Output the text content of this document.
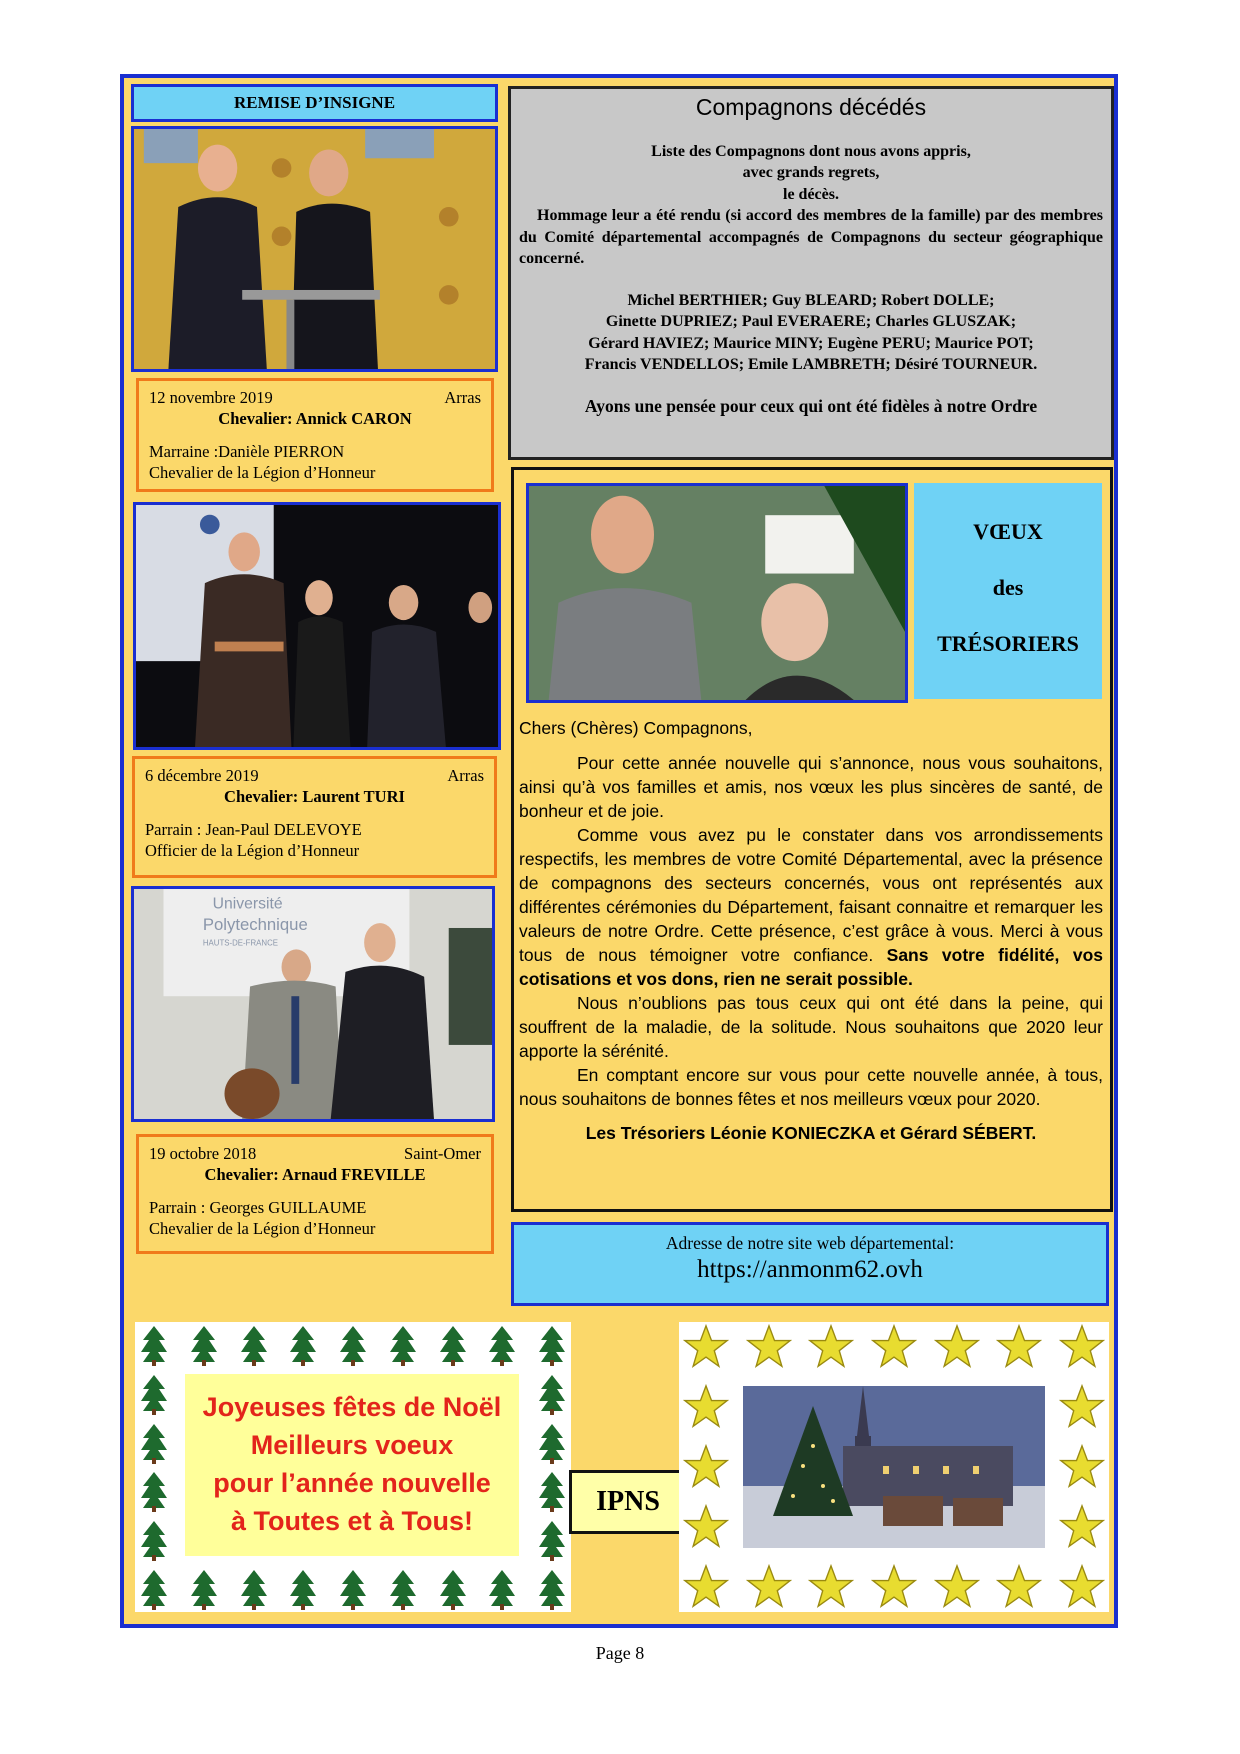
REMISE D’INSIGNE
12 novembre 2019	Arras
Chevalier: Annick CARON
Marraine :Danièle PIERRON
Chevalier de la Légion d’Honneur
6 décembre 2019	Arras
Chevalier: Laurent TURI
Parrain : Jean-Paul DELEVOYE
Officier de la Légion d’Honneur
Université
Polytechnique
HAUTS-DE-FRANCE
19 octobre 2018	Saint-Omer
Chevalier: Arnaud FREVILLE
Parrain : Georges GUILLAUME
Chevalier de la Légion d’Honneur
Compagnons décédés
Liste des Compagnons dont nous avons appris,
avec grands regrets,
le décès.
Hommage leur a été rendu (si accord des membres de la famille) par des membres du Comité départemental accompagnés de Compagnons du secteur géographique concerné.
Michel BERTHIER; Guy BLEARD; Robert DOLLE;
Ginette DUPRIEZ; Paul EVERAERE; Charles GLUSZAK;
Gérard HAVIEZ; Maurice MINY; Eugène PERU; Maurice POT;
Francis VENDELLOS; Emile LAMBRETH; Désiré TOURNEUR.
Ayons une pensée pour ceux qui ont été fidèles à notre Ordre
VŒUX
des
TRÉSORIERS
Chers (Chères) Compagnons,
Pour cette année nouvelle qui s’annonce, nous vous souhaitons, ainsi qu’à vos familles et amis, nos vœux les plus sincères de santé, de bonheur et de joie.
Comme vous avez pu le constater dans vos arrondissements respectifs, les membres de votre Comité Départemental, avec la présence de compagnons des secteurs concernés, vous ont représentés aux différentes cérémonies du Département, faisant connaitre et remarquer les valeurs de notre Ordre. Cette présence, c’est grâce à vous. Merci à vous tous de nous témoigner votre confiance. Sans votre fidélité, vos cotisations et vos dons, rien ne serait possible.
Nous n’oublions pas tous ceux qui ont été dans la peine, qui souffrent de la maladie, de la solitude. Nous souhaitons que 2020 leur apporte la sérénité.
En comptant encore sur vous pour cette nouvelle année, à tous, nous souhaitons de bonnes fêtes et nos meilleurs vœux pour 2020.
Les Trésoriers Léonie KONIECZKA et Gérard SÉBERT.
Adresse de notre site web départemental:
https://anmonm62.ovh
Joyeuses fêtes de Noël
Meilleurs voeux
pour l’année nouvelle
à Toutes et à Tous!
IPNS
Page 8
